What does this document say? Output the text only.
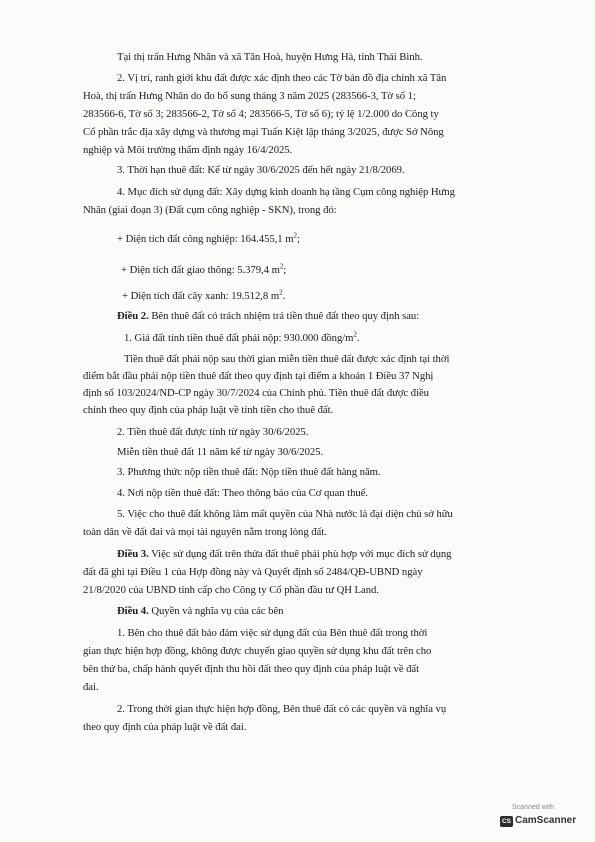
Tại thị trấn Hưng Nhân và xã Tân Hoà, huyện Hưng Hà, tỉnh Thái Bình.
2. Vị trí, ranh giới khu đất được xác định theo các Tờ bản đồ địa chính xã Tân
Hoà, thị trấn Hưng Nhân do đo bổ sung tháng 3 năm 2025 (283566-3, Tờ số 1;
283566-6, Tờ số 3; 283566-2, Tờ số 4; 283566-5, Tờ số 6); tỷ lệ 1/2.000 do Công ty
Cổ phần trắc địa xây dựng và thương mại Tuấn Kiệt lập tháng 3/2025, được Sở Nông
nghiệp và Môi trường thẩm định ngày 16/4/2025.
3. Thời hạn thuê đất: Kể từ ngày 30/6/2025 đến hết ngày 21/8/2069.
4. Mục đích sử dụng đất: Xây dựng kinh doanh hạ tầng Cụm công nghiệp Hưng
Nhân (giai đoạn 3) (Đất cụm công nghiệp - SKN), trong đó:
+ Diện tích đất công nghiệp: 164.455,1 $m^2$;
+ Diện tích đất giao thông: 5.379,4 $m^2$;
+ Diện tích đất cây xanh: 19.512,8 $m^2$.
Điều 2. Bên thuê đất có trách nhiệm trả tiền thuê đất theo quy định sau:
1. Giá đất tính tiền thuê đất phải nộp: 930.000 đồng/$m^2$.
Tiền thuê đất phải nộp sau thời gian miễn tiền thuê đất được xác định tại thời
điểm bắt đầu phải nộp tiền thuê đất theo quy định tại điểm a khoản 1 Điều 37 Nghị
định số 103/2024/ND-CP ngày 30/7/2024 của Chính phủ. Tiền thuê đất được điều
chỉnh theo quy định của pháp luật về tính tiền cho thuê đất.
2. Tiền thuê đất được tính từ ngày 30/6/2025.
Miễn tiền thuê đất 11 năm kể từ ngày 30/6/2025.
3. Phương thức nộp tiền thuê đất: Nộp tiền thuê đất hàng năm.
4. Nơi nộp tiền thuê đất: Theo thông báo của Cơ quan thuế.
5. Việc cho thuê đất không làm mất quyền của Nhà nước là đại diện chủ sở hữu
toàn dân về đất đai và mọi tài nguyên nằm trong lòng đất.
Điều 3. Việc sử dụng đất trên thửa đất thuê phải phù hợp với mục đích sử dụng
đất đã ghi tại Điều 1 của Hợp đồng này và Quyết định số 2484/QĐ-UBND ngày
21/8/2020 của UBND tỉnh cấp cho Công ty Cổ phần đầu tư QH Land.
Điều 4. Quyền và nghĩa vụ của các bên
1. Bên cho thuê đất bảo đảm việc sử dụng đất của Bên thuê đất trong thời
gian thực hiện hợp đồng, không được chuyển giao quyền sử dụng khu đất trên cho
bên thứ ba, chấp hành quyết định thu hồi đất theo quy định của pháp luật về đất
đai.
2. Trong thời gian thực hiện hợp đồng, Bên thuê đất có các quyền và nghĩa vụ
theo quy định của pháp luật về đất đai.
Scanned with
CS CamScanner
